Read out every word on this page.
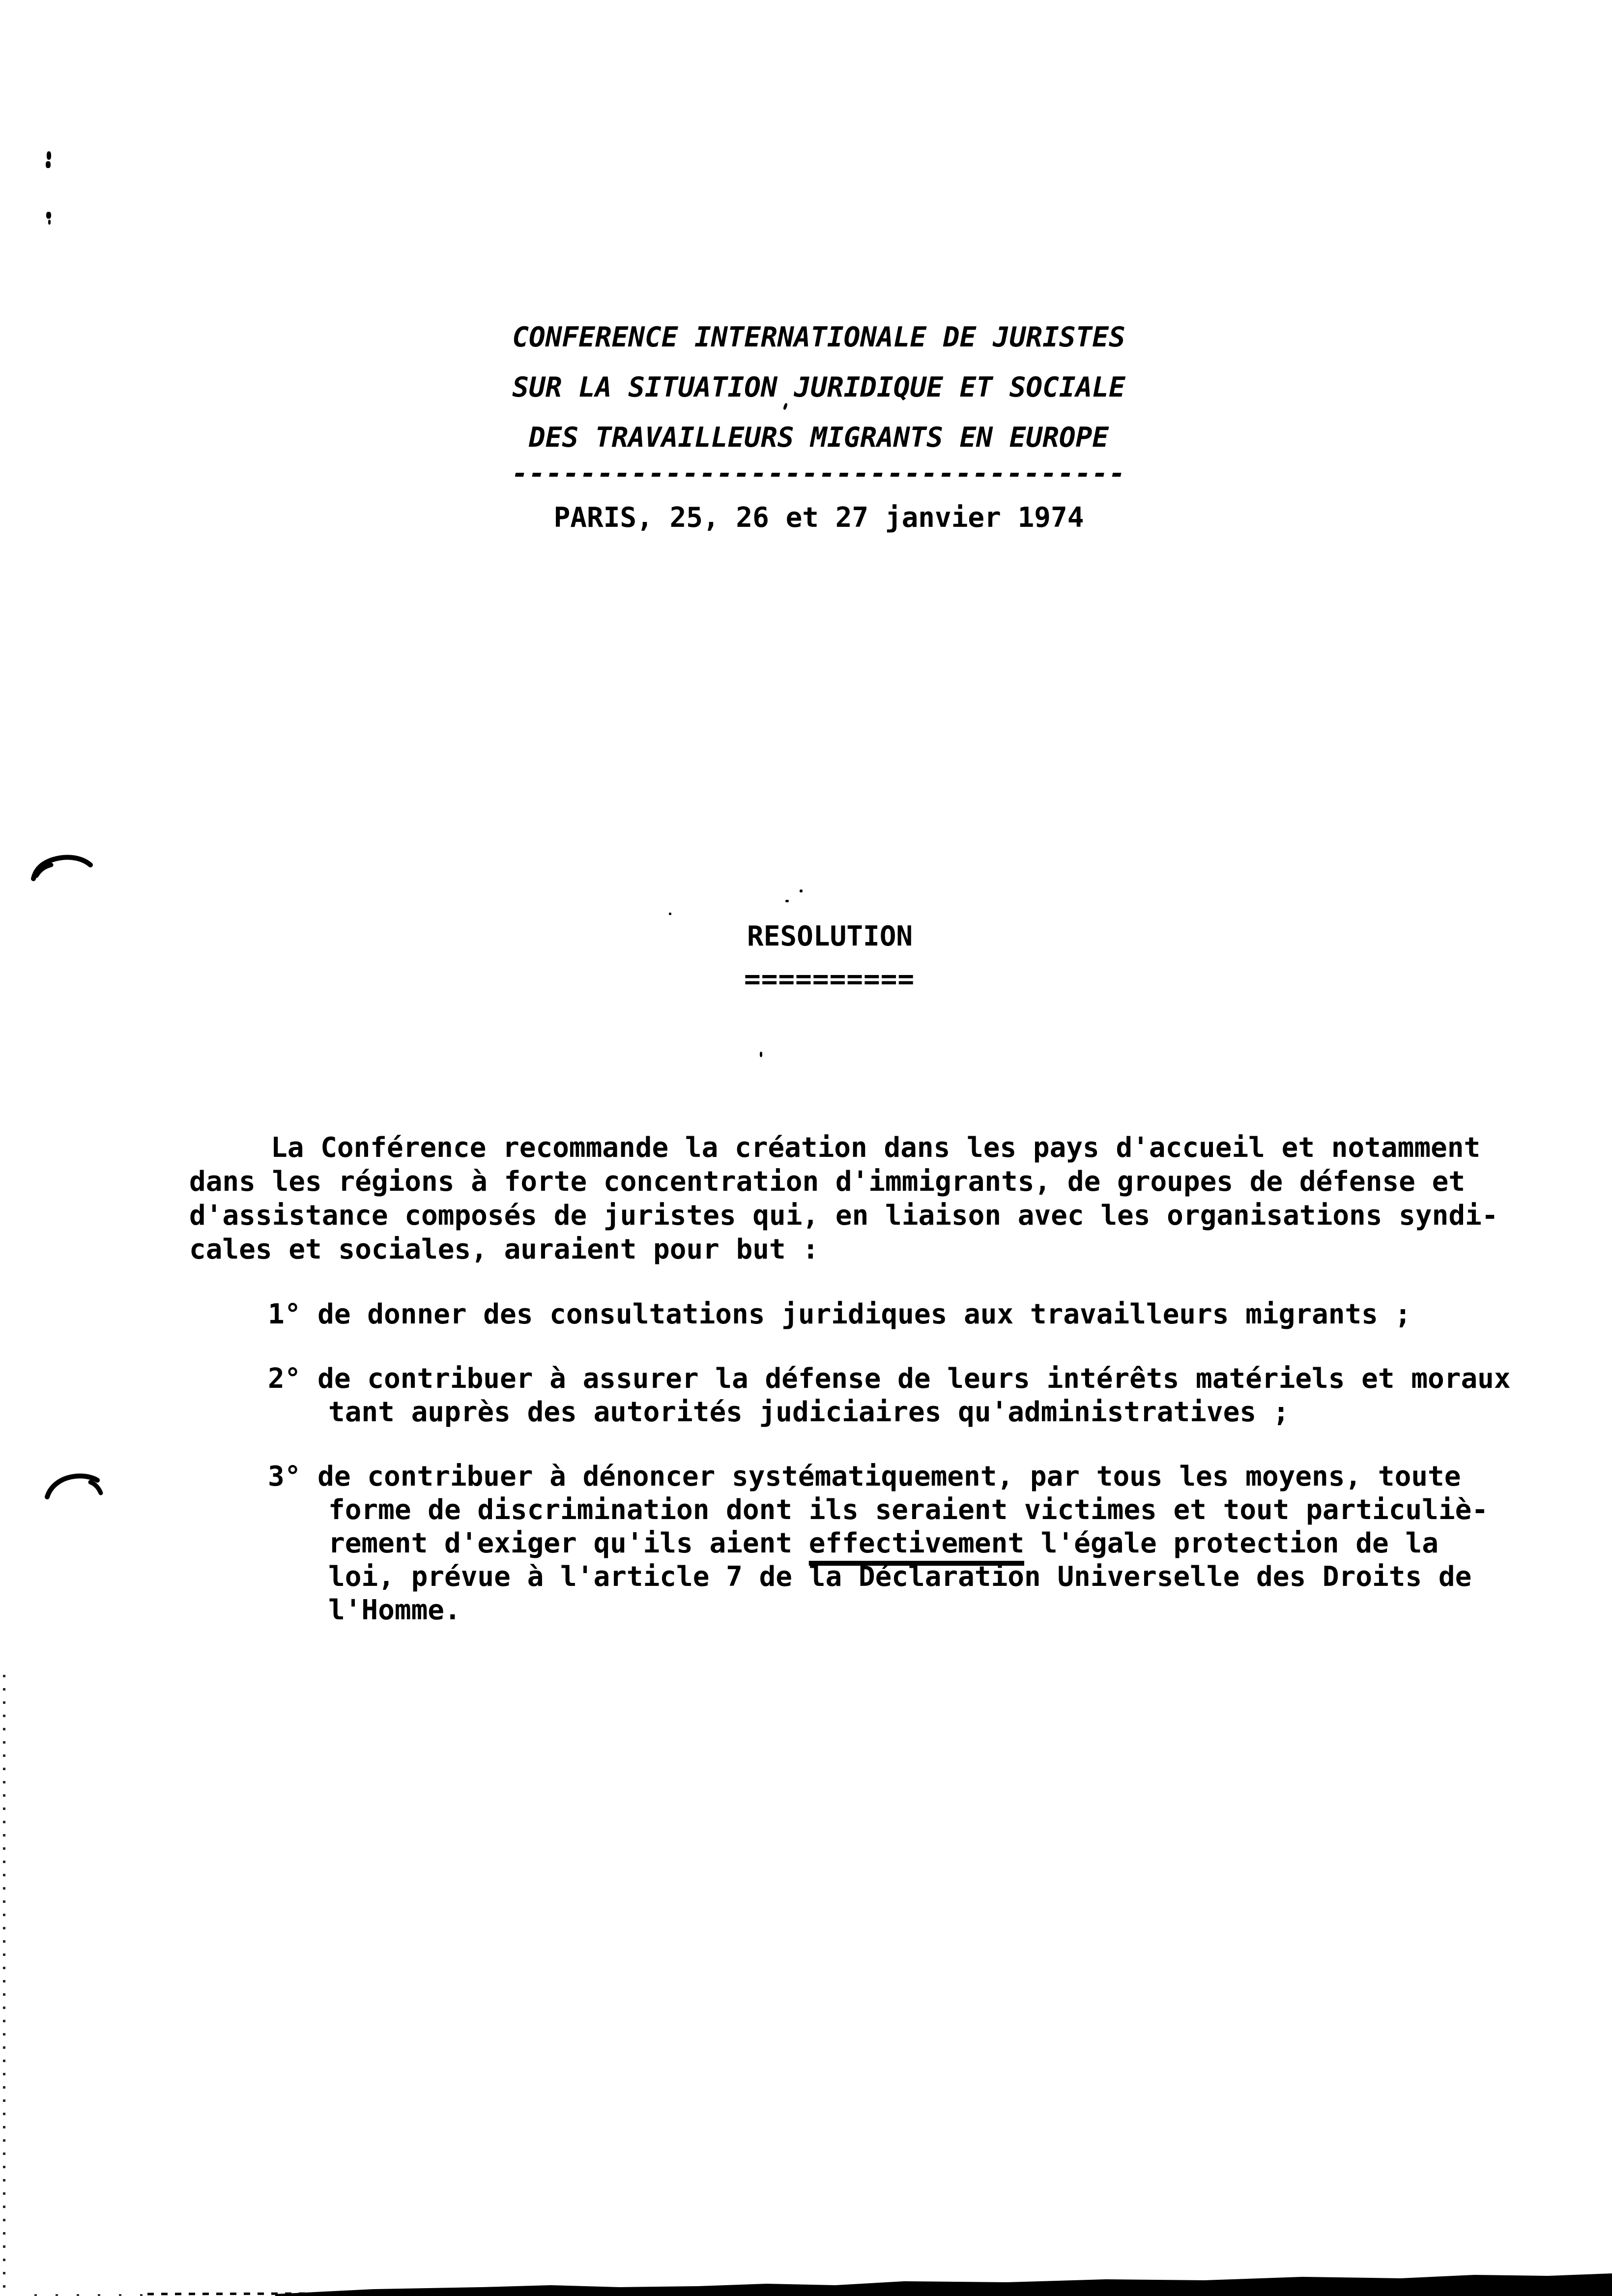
CONFERENCE INTERNATIONALE DE JURISTES
SUR LA SITUATION JURIDIQUE ET SOCIALE
DES TRAVAILLEURS MIGRANTS EN EUROPE
------------------------------------
PARIS, 25, 26 et 27 janvier 1974
RESOLUTION
==========
La Conférence recommande la création dans les pays d'accueil et notamment
dans les régions à forte concentration d'immigrants, de groupes de défense et
d'assistance composés de juristes qui, en liaison avec les organisations syndi-
cales et sociales, auraient pour but :
1° de donner des consultations juridiques aux travailleurs migrants ;
2° de contribuer à assurer la défense de leurs intérêts matériels et moraux
tant auprès des autorités judiciaires qu'administratives ;
3° de contribuer à dénoncer systématiquement, par tous les moyens, toute
forme de discrimination dont ils seraient victimes et tout particuliè-
rement d'exiger qu'ils aient effectivement l'égale protection de la
loi, prévue à l'article 7 de la Déclaration Universelle des Droits de
l'Homme.
